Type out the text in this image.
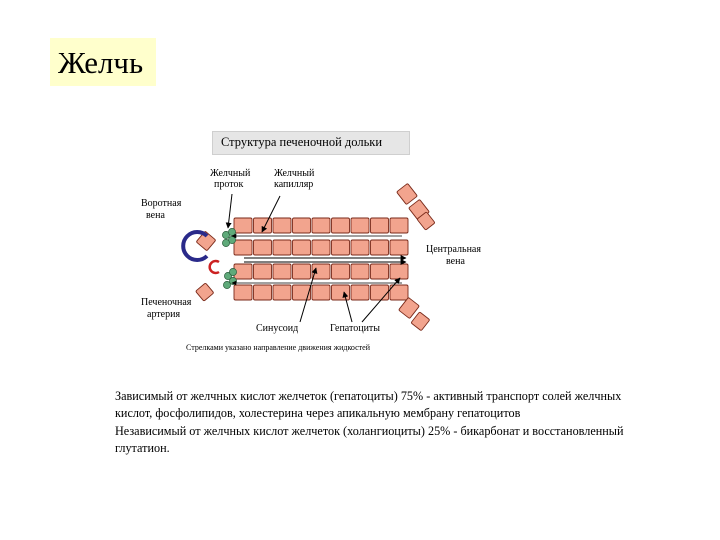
Желчь
Структура печеночной дольки
Воротная вена
Желчный проток
Желчный капилляр
Центральная вена
Печеночная артерия
Синусоид	Гепатоциты
Стрелками указано направление движения жидкостей

Зависимый от желчных кислот желчеток (гепатоциты) 75% - активный транспорт солей желчных кислот, фосфолипидов, холестерина через апикальную мембрану гепатоцитов

Независимый от желчных кислот желчеток (холангиоциты) 25% - бикарбонат и восстановленный глутатион.
